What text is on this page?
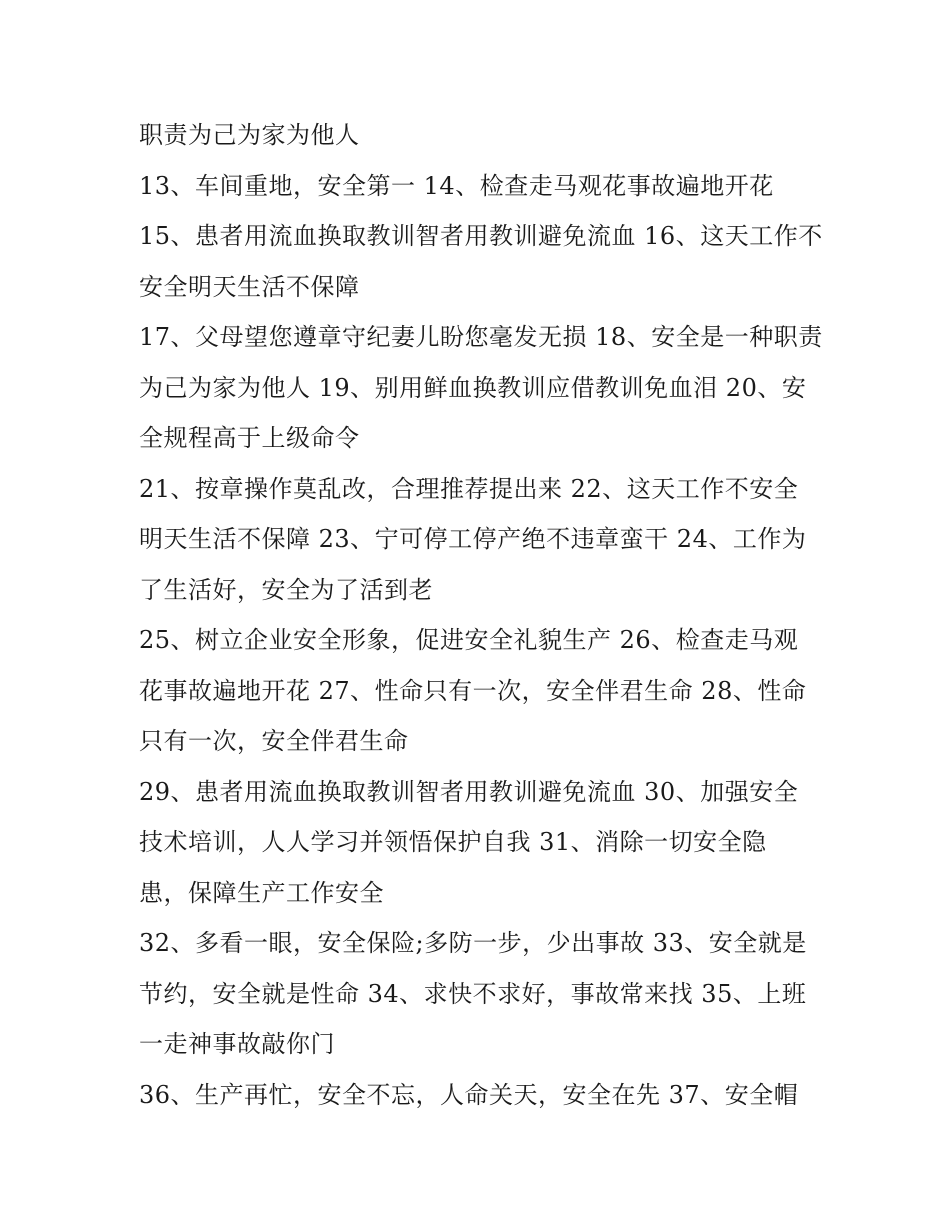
职责为己为家为他人
13、车间重地，安全第一 14、检查走马观花事故遍地开花
15、患者用流血换取教训智者用教训避免流血 16、这天工作不
安全明天生活不保障
17、父母望您遵章守纪妻儿盼您毫发无损 18、安全是一种职责
为己为家为他人 19、别用鲜血换教训应借教训免血泪 20、安
全规程高于上级命令
21、按章操作莫乱改，合理推荐提出来 22、这天工作不安全
明天生活不保障 23、宁可停工停产绝不违章蛮干 24、工作为
了生活好，安全为了活到老
25、树立企业安全形象，促进安全礼貌生产 26、检查走马观
花事故遍地开花 27、性命只有一次，安全伴君生命 28、性命
只有一次，安全伴君生命
29、患者用流血换取教训智者用教训避免流血 30、加强安全
技术培训，人人学习并领悟保护自我 31、消除一切安全隐
患，保障生产工作安全
32、多看一眼，安全保险;多防一步，少出事故 33、安全就是
节约，安全就是性命 34、求快不求好，事故常来找 35、上班
一走神事故敲你门
36、生产再忙，安全不忘，人命关天，安全在先 37、安全帽
